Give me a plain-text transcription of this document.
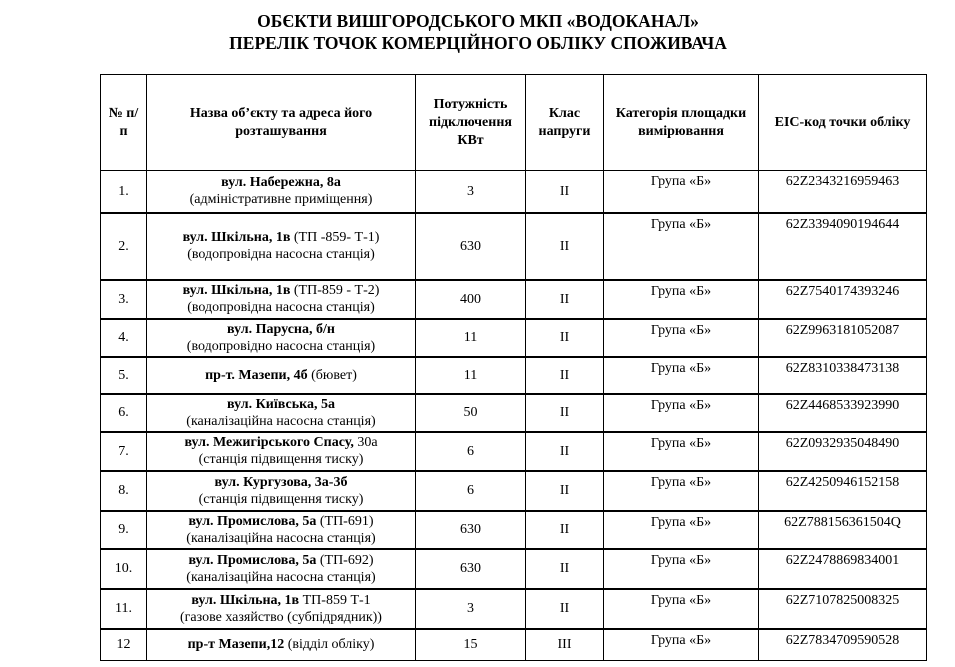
ОБЄКТИ ВИШГОРОДСЬКОГО МКП «ВОДОКАНАЛ»
ПЕРЕЛІК ТОЧОК КОМЕРЦІЙНОГО ОБЛІКУ СПОЖИВАЧА
№ п/п	Назва об’єкту та адреса його розташування	Потужність підключення КВт	Клас напруги	Категорія площадки вимірювання	ЕІС-код точки обліку
1.	вул. Набережна, 8а
(адміністративне приміщення)	3	II	Група «Б»	62Z2343216959463
2.	вул. Шкільна, 1в (ТП -859- Т-1)
(водопровідна насосна станція)	630	II	Група «Б»	62Z3394090194644
3.	вул. Шкільна, 1в (ТП-859 - Т-2)
(водопровідна насосна станція)	400	II	Група «Б»	62Z7540174393246
4.	вул. Парусна, б/н
(водопровідно насосна станція)	11	II	Група «Б»	62Z9963181052087
5.	пр-т. Мазепи, 4б (бювет)	11	II	Група «Б»	62Z8310338473138
6.	вул. Київська, 5а
(каналізаційна насосна станція)	50	II	Група «Б»	62Z4468533923990
7.	вул. Межигірського Спасу, 30а
(станція підвищення тиску)	6	II	Група «Б»	62Z0932935048490
8.	вул. Кургузова, 3а-3б
(станція підвищення тиску)	6	II	Група «Б»	62Z4250946152158
9.	вул. Промислова, 5а (ТП-691)
(каналізаційна насосна станція)	630	II	Група «Б»	62Z788156361504Q
10.	вул. Промислова, 5а (ТП-692)
(каналізаційна насосна станція)	630	II	Група «Б»	62Z2478869834001
11.	вул. Шкільна, 1в ТП-859 Т-1
(газове хазяйство (субпідрядник))	3	II	Група «Б»	62Z7107825008325
12	пр-т Мазепи,12 (відділ обліку)	15	III	Група «Б»	62Z7834709590528
